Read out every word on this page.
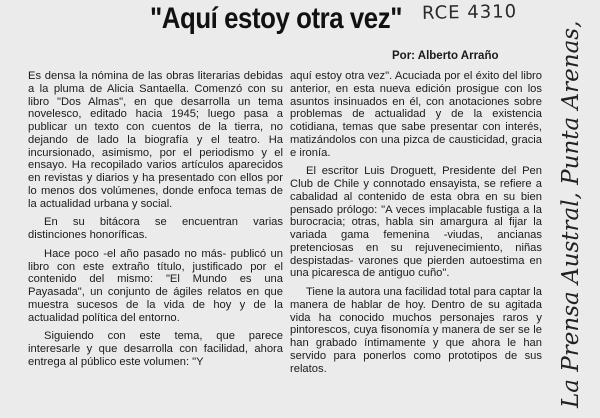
"Aquí estoy otra vez" RCE 4310
Por: Alberto Arraño

Es densa la nómina de las obras literarias debidas a la pluma de Alicia Santaella. Comenzó con su libro "Dos Almas", en que desarrolla un tema novelesco, editado hacia 1945; luego pasa a publicar un texto con cuentos de la tierra, no dejando de lado la biografía y el teatro. Ha incursionado, asimismo, por el periodismo y el ensayo. Ha recopilado varios artículos aparecidos en revistas y diarios y ha presentado con ellos por lo menos dos volúmenes, donde enfoca temas de la actualidad urbana y social.

En su bitácora se encuentran varias distinciones honoríficas.

Hace poco -el año pasado no más- publicó un libro con este extraño título, justificado por el contenido del mismo: "El Mundo es una Payasada", un conjunto de ágiles relatos en que muestra sucesos de la vida de hoy y de la actualidad política del entorno.

Siguiendo con este tema, que parece interesarle y que desarrolla con facilidad, ahora entrega al público este volumen: "Y

aquí estoy otra vez". Acuciada por el éxito del libro anterior, en esta nueva edición prosigue con los asuntos insinuados en él, con anotaciones sobre problemas de actualidad y de la existencia cotidiana, temas que sabe presentar con interés, matizándolos con una pizca de causticidad, gracia e ironía.

El escritor Luis Droguett, Presidente del Pen Club de Chile y connotado ensayista, se refiere a cabalidad al contenido de esta obra en su bien pensado prólogo: "A veces implacable fustiga a la burocracia; otras, habla sin amargura al fijar la variada gama femenina -viudas, ancianas pretenciosas en su rejuvenecimiento, niñas despistadas- varones que pierden autoestima en una picaresca de antiguo cuño".

Tiene la autora una facilidad total para captar la manera de hablar de hoy. Dentro de su agitada vida ha conocido muchos personajes raros y pintorescos, cuya fisonomía y manera de ser se le han grabado íntimamente y que ahora le han servido para ponerlos como prototipos de sus relatos.	La Prensa Austral, Punta Arenas,
